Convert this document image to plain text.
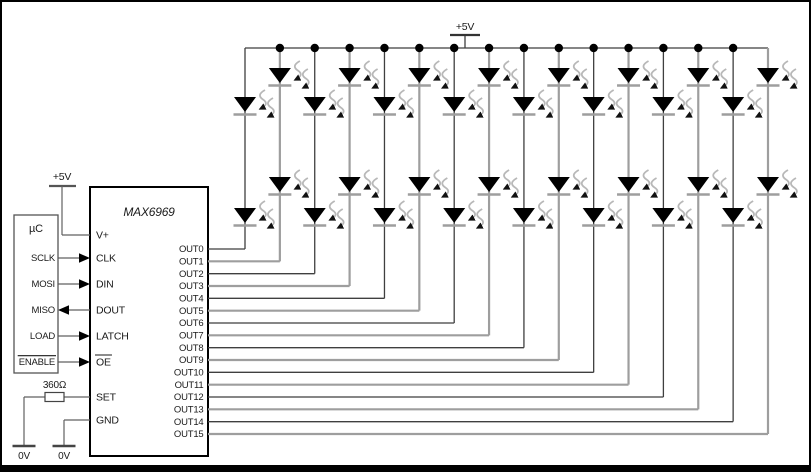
+5V
MAX6969
OUT0
OUT1
OUT2
OUT3
OUT4
OUT5
OUT6
OUT7
OUT8
OUT9
OUT10
OUT11
OUT12
OUT13
OUT14
OUT15
V+
CLK
DIN
DOUT
LATCH
OE
SET
GND
+5V
360Ω
0V	0V
µC
SCLK
MOSI
MISO
LOAD
ENABLE
